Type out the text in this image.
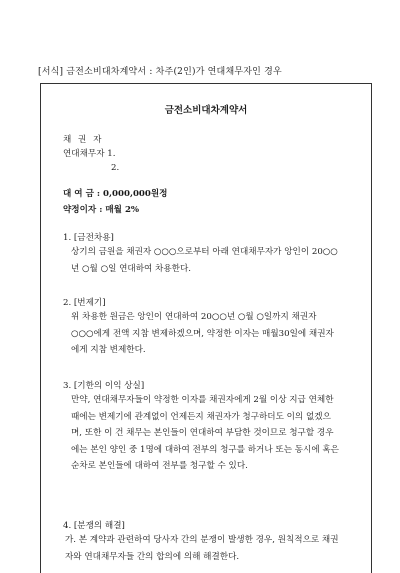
[서식] 금전소비대차계약서 : 차주(2인)가 연대채무자인 경우
금전소비대차계약서
채 권 자
연대채무자 1.
2.
대 여 금 : 0,000,000원정
약정이자 : 매월 2%
1. [금전차용]
상기의 금원을 채권자 ○○○으로부터 아래 연대채무자가 앙인이 20○○년 ○월 ○일 연대하여 차용한다.
2. [번제기]
위 차용한 원금은 앙인이 연대하여 20○○년 ○월 ○일까지 채권자 ○○○에게 전액 지참 변제하겠으며, 약정한 이자는 매월30일에 채권자에게 지참 변제한다.
3. [기한의 이익 상실]
만약, 연대채무자들이 약정한 이자를 채권자에게 2월 이상 지급 연체한 때에는 변제기에 관계없이 언제든지 채권자가 청구하더도 이의 없겠으며, 또한 이 건 채무는 본인들이 연대하여 부담한 것이므로 청구할 경우에는 본인 양인 중 1명에 대하여 전부의 청구를 하거나 또는 동시에 혹은 순차로 본인들에 대하여 전부를 청구할 수 있다.
4. [분쟁의 해결]
가. 본 계약과 관련하여 당사자 간의 분쟁이 발생한 경우, 원칙적으로 채권자와 연대채무자들 간의 합의에 의해 해결한다.
